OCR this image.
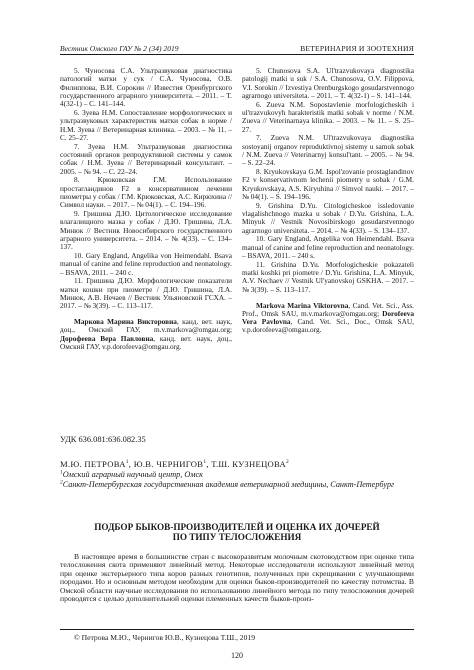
Вестник Омского ГАУ № 2 (34) 2019	ВЕТЕРИНАРИЯ И ЗООТЕХНИЯ
5. Чуносова С.А. Ультразвуковая диагностика патологий матки у сук / С.А. Чуносова, О.В. Филиппова, В.И. Сорокин // Известия Оренбургского государственного аграрного университета. – 2011. – Т. 4(32-1) – С. 141–144.
6. Зуева Н.М. Сопоставление морфологических и ультразвуковых характеристик матки собак в норме / Н.М. Зуева // Ветеринарная клиника. – 2003. – № 11. – С. 25–27.
7. Зуева Н.М. Ультразвуковая диагностика состояний органов репродуктивной системы у самок собак / Н.М. Зуева // Ветеринарный консультант. – 2005. – № 94. – С. 22–24.
8. Крюковская Г.М. Использование простагландинов F2 в консервативном лечении пиометры у собак / Г.М. Крюковская, А.С. Кирюхина // Символ науки. – 2017. – № 04(1). – С. 194–196.
9. Гришина Д.Ю. Цитологическое исследование влагалищного мазка у собак / Д.Ю. Гришина, Л.А. Минюк // Вестник Новосибирского государственного аграрного университета. – 2014. – № 4(33). – С. 134–137.
10. Gary England, Angelika von Heimendahl. Bsava manual of canine and feline reproduction and neonatology. – BSAVA, 2011. – 240 с.
11. Гришина Д.Ю. Морфологические показатели матки кошки при пиометре / Д.Ю. Гришина, Л.А. Минюк, А.В. Нечаев // Вестник Ульяновской ГСХА. – 2017. – № 3(39). – С. 113–117.
Маркова Марина Викторовна, канд. вет. наук, доц., Омский ГАУ, m.v.markova@omgau.org; Дорофеева Вера Павловна, канд. вет. наук, доц., Омский ГАУ, v.p.dorofeeva@omgau.org.
5. Chunosova S.A. Ul'trazvukovaya diagnostika patologij matki u suk / S.A. Chunosova, O.V. Filippova, V.I. Sorokin // Izvestiya Orenburgskogo gosudarstvennogo agrarnogo universiteta. – 2011. – T. 4(32-1) – S. 141–144.
6. Zueva N.M. Sopostavlenie morfologicheskih i ul'trazvukovyh harakteristik matki sobak v norme / N.M. Zueva // Veterinarnaya klinika. – 2003. – № 11. – S. 25–27.
7. Zueva N.M. Ul'trazvukovaya diagnostika sostoyanij organov reproduktivnoj sistemy u samok sobak / N.M. Zueva // Veterinarnyj konsul'tant. – 2005. – № 94. – S. 22–24.
8. Kryukovskaya G.M. Ispol'zovanie prostaglandinov F2 v konservativnom lechenii piometry u sobak / G.M. Kryukovskaya, A.S. Kiryuhina // Simvol nauki. – 2017. – № 04(1). – S. 194–196.
9. Grishina D.Yu. Citologicheskoe issledovanie vlagalishchnogo mazka u sobak / D.Yu. Grishina, L.A. Minyuk // Vestnik Novosibirskogo gosudarstvennogo agrarnogo universiteta. – 2014. – № 4(33). – S. 134–137.
10. Gary England, Angelika von Heimendahl. Bsava manual of canine and feline reproduction and neonatology. – BSAVA, 2011. – 240 s.
11. Grishina D.Yu. Morfologicheskie pokazateli matki koshki pri piometre / D.Yu. Grishina, L.A. Minyuk, A.V. Nechaev // Vestnik Ul'yanovskoj GSKHA. – 2017. – № 3(39). – S. 113–117.
Markova Marina Viktorovna, Cand. Vet. Sci., Ass. Prof., Omsk SAU, m.v.markova@omgau.org; Dorofeeva Vera Pavlovna, Cand. Vet. Sci., Doc., Omsk SAU, v.p.dorofeeva@omgau.org.
УДК 636.081:636.082.35
М.Ю. ПЕТРОВА$^1$, Ю.В. ЧЕРНИГОВ$^1$, Т.Ш. КУЗНЕЦОВА$^2$
$^1$Омский аграрный научный центр, Омск
$^2$Санкт-Петербургская государственная академия ветеринарной медицины, Санкт-Петербург
ПОДБОР БЫКОВ-ПРОИЗВОДИТЕЛЕЙ И ОЦЕНКА ИХ ДОЧЕРЕЙ
ПО ТИПУ ТЕЛОСЛОЖЕНИЯ
В настоящее время в большинстве стран с высокоразвитым молочным скотоводством при оценке типа телосложения скота применяют линейный метод. Некоторые исследователи используют линейный метод при оценке экстерьерного типа коров разных генотипов, полученных при скрещивании с улучшающими породами. Но и основным методом необходим для оценки быков-производителей по качеству потомства. В Омской области научные исследования по использованию линейного метода по типу телосложения дочерей проводятся с целью дополнительной оценки племенных качеств быков-произ-
© Петрова М.Ю., Чернигов Ю.В., Кузнецова Т.Ш., 2019
120
